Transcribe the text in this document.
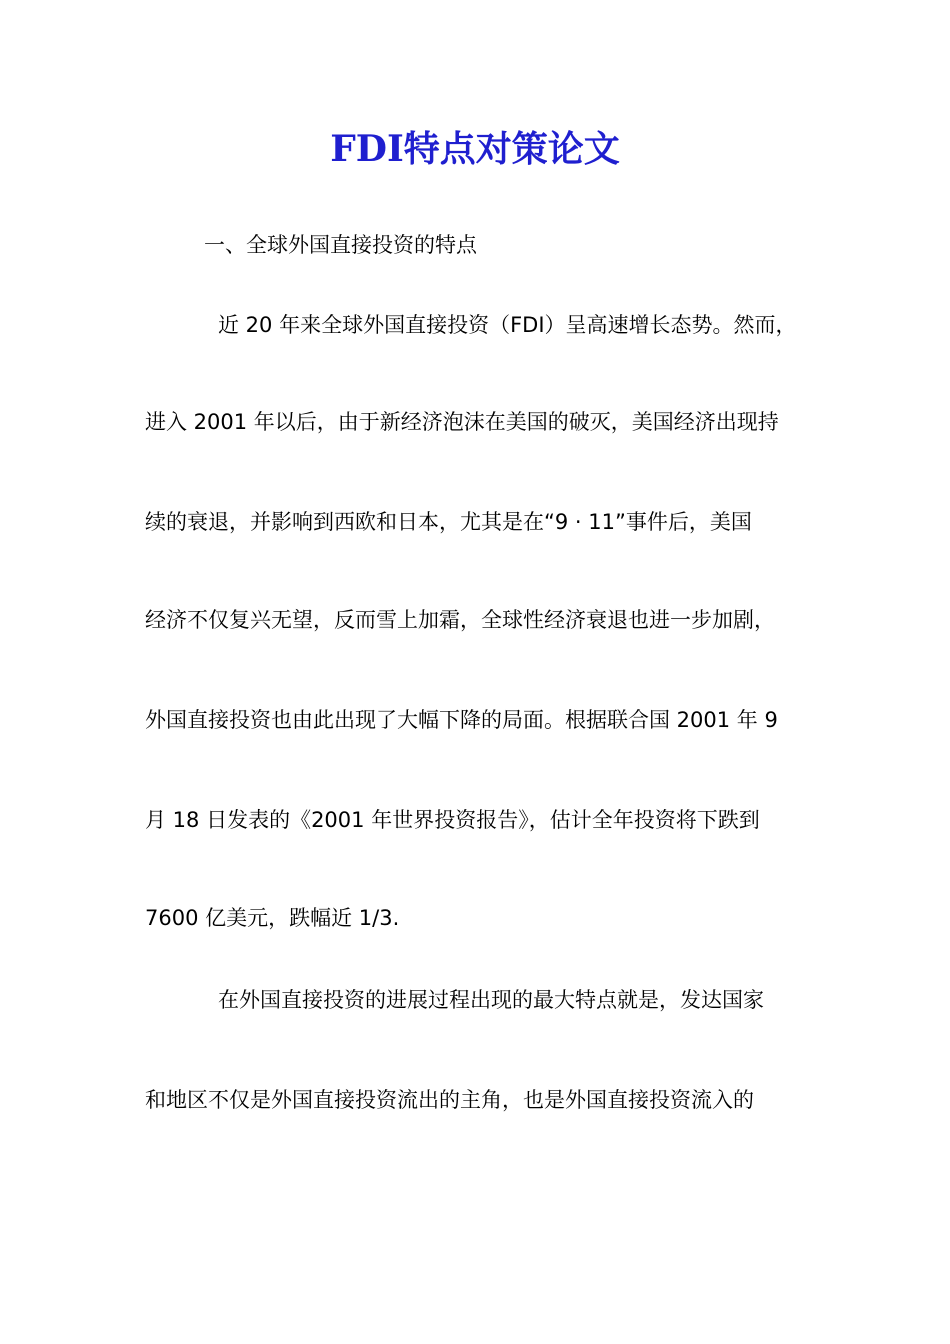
FDI特点对策论文

一、全球外国直接投资的特点

近 20 年来全球外国直接投资（FDI）呈高速增长态势。然而，

进入 2001 年以后，由于新经济泡沫在美国的破灭，美国经济出现持

续的衰退，并影响到西欧和日本，尤其是在“9 · 11”事件后，美国

经济不仅复兴无望，反而雪上加霜，全球性经济衰退也进一步加剧，

外国直接投资也由此出现了大幅下降的局面。根据联合国 2001 年 9

月 18 日发表的《2001 年世界投资报告》，估计全年投资将下跌到

7600 亿美元，跌幅近 1/3.

在外国直接投资的进展过程出现的最大特点就是，发达国家

和地区不仅是外国直接投资流出的主角，也是外国直接投资流入的
